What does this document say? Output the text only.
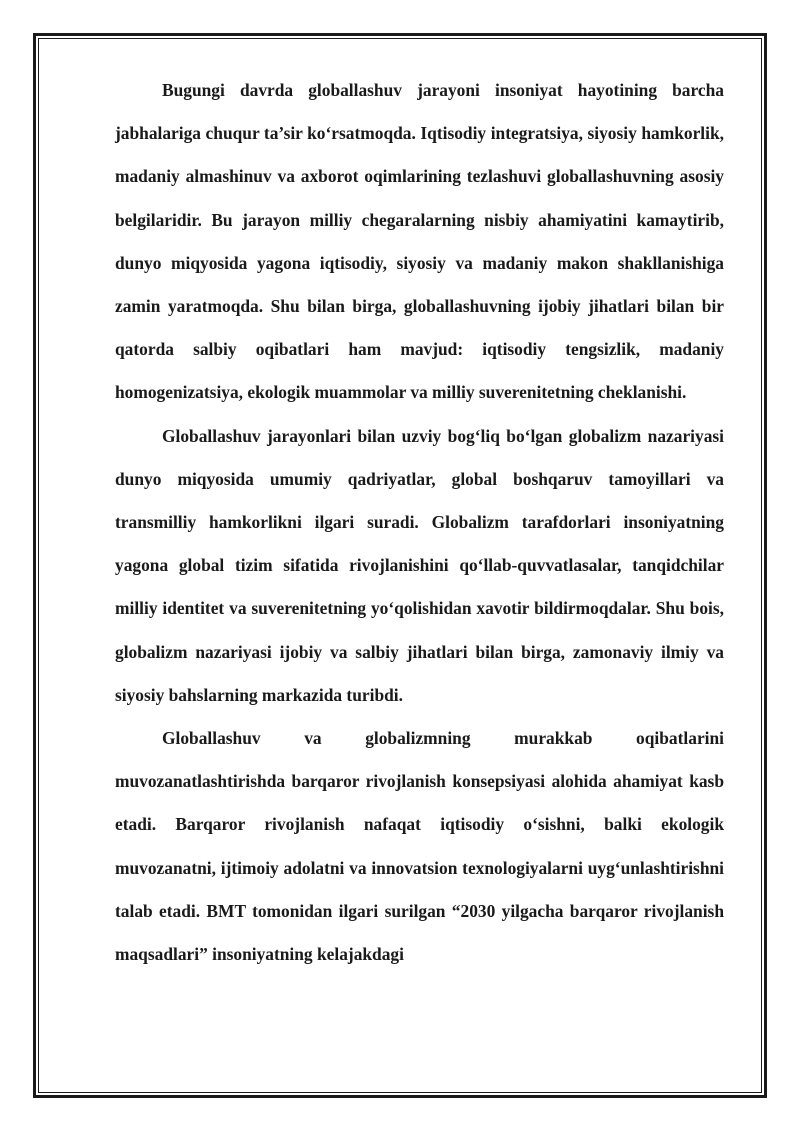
Bugungi davrda globallashuv jarayoni insoniyat hayotining barcha jabhalariga chuqur ta’sir ko‘rsatmoqda. Iqtisodiy integratsiya, siyosiy hamkorlik, madaniy almashinuv va axborot oqimlarining tezlashuvi globallashuvning asosiy belgilaridir. Bu jarayon milliy chegaralarning nisbiy ahamiyatini kamaytirib, dunyo miqyosida yagona iqtisodiy, siyosiy va madaniy makon shakllanishiga zamin yaratmoqda. Shu bilan birga, globallashuvning ijobiy jihatlari bilan bir qatorda salbiy oqibatlari ham mavjud: iqtisodiy tengsizlik, madaniy homogenizatsiya, ekologik muammolar va milliy suverenitetning cheklanishi.

Globallashuv jarayonlari bilan uzviy bog‘liq bo‘lgan globalizm nazariyasi dunyo miqyosida umumiy qadriyatlar, global boshqaruv tamoyillari va transmilliy hamkorlikni ilgari suradi. Globalizm tarafdorlari insoniyatning yagona global tizim sifatida rivojlanishini qo‘llab-quvvatlasalar, tanqidchilar milliy identitet va suverenitetning yo‘qolishidan xavotir bildirmoqdalar. Shu bois, globalizm nazariyasi ijobiy va salbiy jihatlari bilan birga, zamonaviy ilmiy va siyosiy bahslarning markazida turibdi.

Globallashuv va globalizmning murakkab oqibatlarini muvozanatlashtirishda barqaror rivojlanish konsepsiyasi alohida ahamiyat kasb etadi. Barqaror rivojlanish nafaqat iqtisodiy o‘sishni, balki ekologik muvozanatni, ijtimoiy adolatni va innovatsion texnologiyalarni uyg‘unlashtirishni talab etadi. BMT tomonidan ilgari surilgan “2030 yilgacha barqaror rivojlanish maqsadlari” insoniyatning kelajakdagi
